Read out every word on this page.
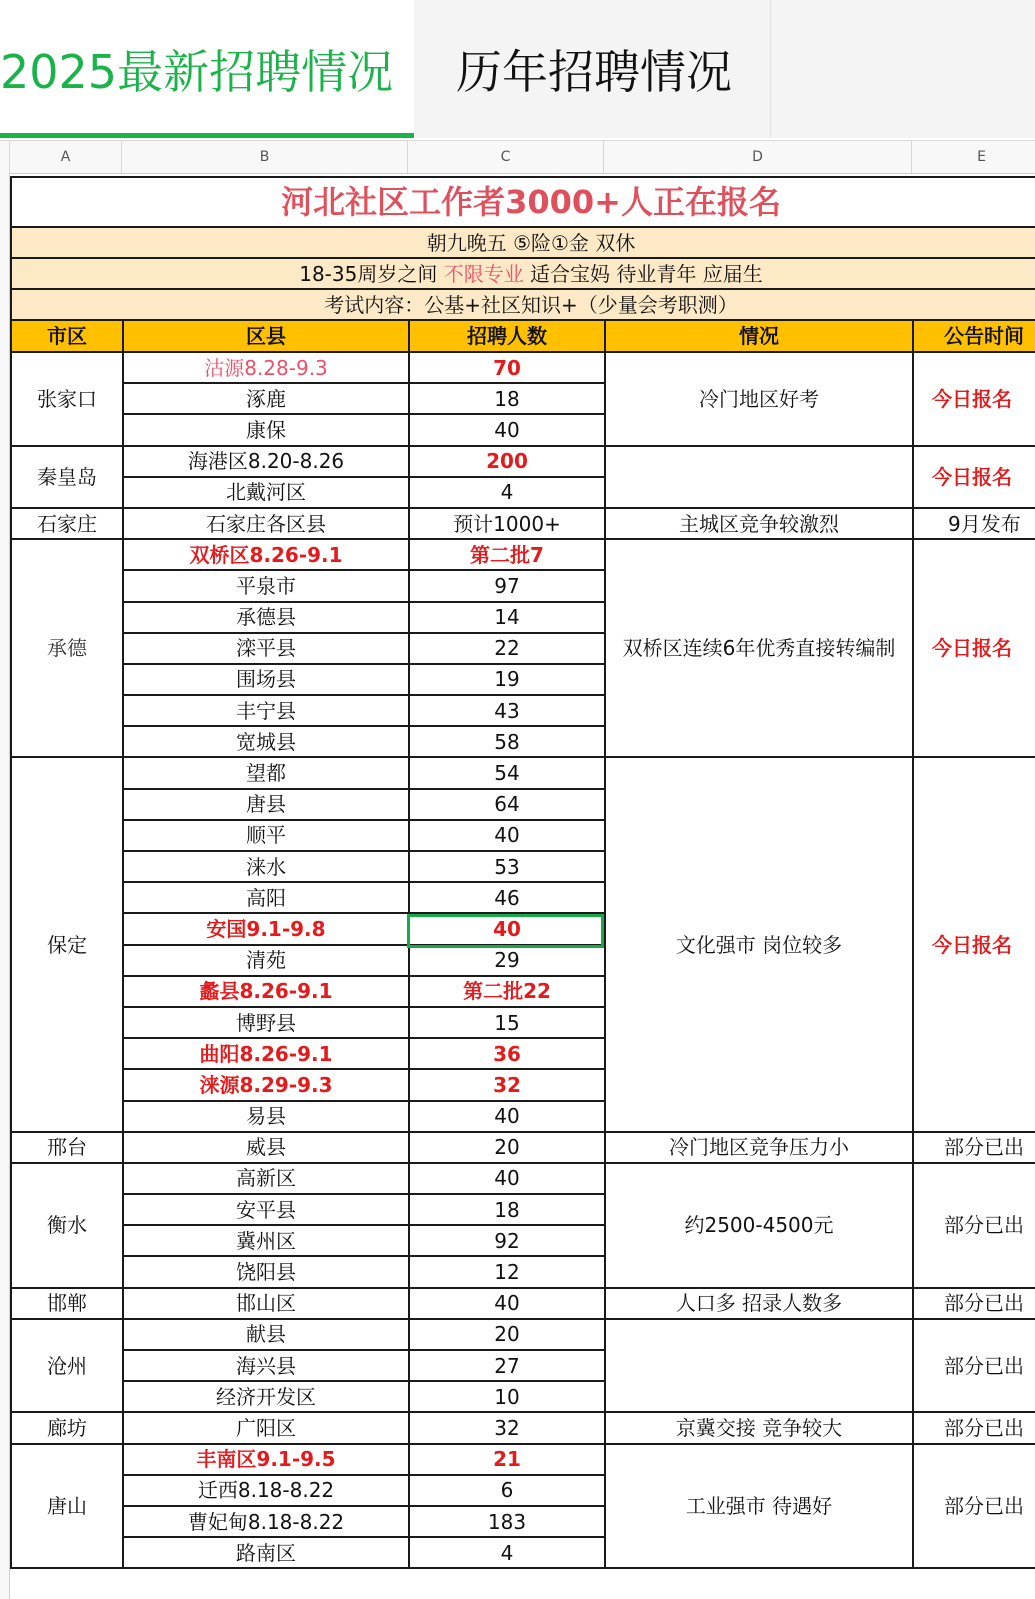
2025最新招聘情况 历年招聘情况
A	B	C	D	E
河北社区工作者3000+人正在报名				
朝九晚五 ⑤险①金 双休				
18-35周岁之间 不限专业 适合宝妈 待业青年 应届生				
考试内容：公基+社区知识+（少量会考职测）				
市区	区县	招聘人数	情况	公告时间
张家口	沽源8.28-9.3	70	冷门地区好考	今日报名
	涿鹿	18		
	康保	40		
秦皇岛	海港区8.20-8.26	200		今日报名
	北戴河区	4		
石家庄	石家庄各区县	预计1000+	主城区竞争较激烈	9月发布
承德	双桥区8.26-9.1	第二批7	双桥区连续6年优秀直接转编制	今日报名
	平泉市	97		
	承德县	14		
	滦平县	22		
	围场县	19		
	丰宁县	43		
	宽城县	58		
保定	望都	54	文化强市 岗位较多	今日报名
	唐县	64		
	顺平	40		
	涞水	53		
	高阳	46		
	安国9.1-9.8	40		
	清苑	29		
	蠡县8.26-9.1	第二批22		
	博野县	15		
	曲阳8.26-9.1	36		
	涞源8.29-9.3	32		
	易县	40		
邢台	威县	20	冷门地区竞争压力小	部分已出
衡水	高新区	40	约2500-4500元	部分已出
	安平县	18		
	冀州区	92		
	饶阳县	12		
邯郸	邯山区	40	人口多 招录人数多	部分已出
沧州	献县	20		部分已出
	海兴县	27		
	经济开发区	10		
廊坊	广阳区	32	京冀交接 竞争较大	部分已出
唐山	丰南区9.1-9.5	21	工业强市 待遇好	部分已出
	迁西8.18-8.22	6		
	曹妃甸8.18-8.22	183		
	路南区	4		
